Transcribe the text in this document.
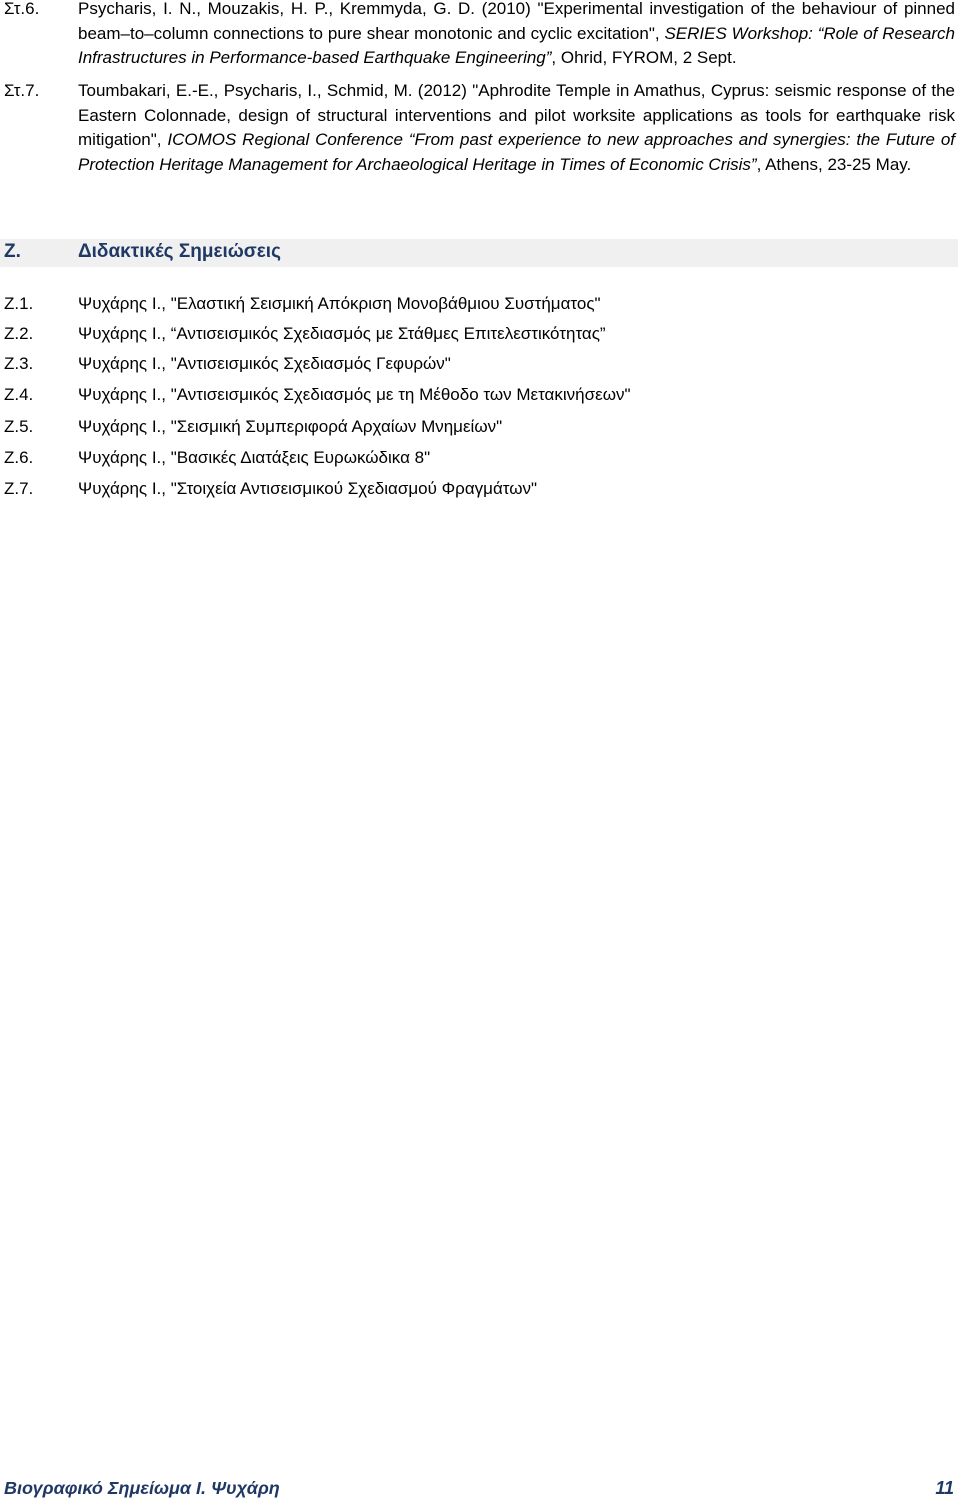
Στ.6. Psycharis, I. N., Mouzakis, H. P., Kremmyda, G. D. (2010) "Experimental investigation of the behaviour of pinned beam–to–column connections to pure shear monotonic and cyclic excitation", SERIES Workshop: “Role of Research Infrastructures in Performance-based Earthquake Engineering”, Ohrid, FYROM, 2 Sept.
Στ.7. Toumbakari, E.-E., Psycharis, I., Schmid, M. (2012) "Aphrodite Temple in Amathus, Cyprus: seismic response of the Eastern Colonnade, design of structural interventions and pilot worksite applications as tools for earthquake risk mitigation", ICOMOS Regional Conference “From past experience to new approaches and synergies: the Future of Protection Heritage Management for Archaeological Heritage in Times of Economic Crisis”, Athens, 23-25 May.
Ζ.	Διδακτικές Σημειώσεις
Ζ.1.	Ψυχάρης Ι., "Ελαστική Σεισμική Απόκριση Μονοβάθμιου Συστήματος"
Ζ.2.	Ψυχάρης Ι., “Αντισεισμικός Σχεδιασμός με Στάθμες Επιτελεστικότητας”
Ζ.3.	Ψυχάρης Ι., "Αντισεισμικός Σχεδιασμός Γεφυρών"
Ζ.4.	Ψυχάρης Ι., "Αντισεισμικός Σχεδιασμός με τη Μέθοδο των Μετακινήσεων"
Ζ.5.	Ψυχάρης Ι., "Σεισμική Συμπεριφορά Αρχαίων Μνημείων"
Ζ.6.	Ψυχάρης Ι., "Βασικές Διατάξεις Ευρωκώδικα 8"
Ζ.7.	Ψυχάρης Ι., "Στοιχεία Αντισεισμικού Σχεδιασμού Φραγμάτων"
Βιογραφικό Σημείωμα Ι. Ψυχάρη	11
